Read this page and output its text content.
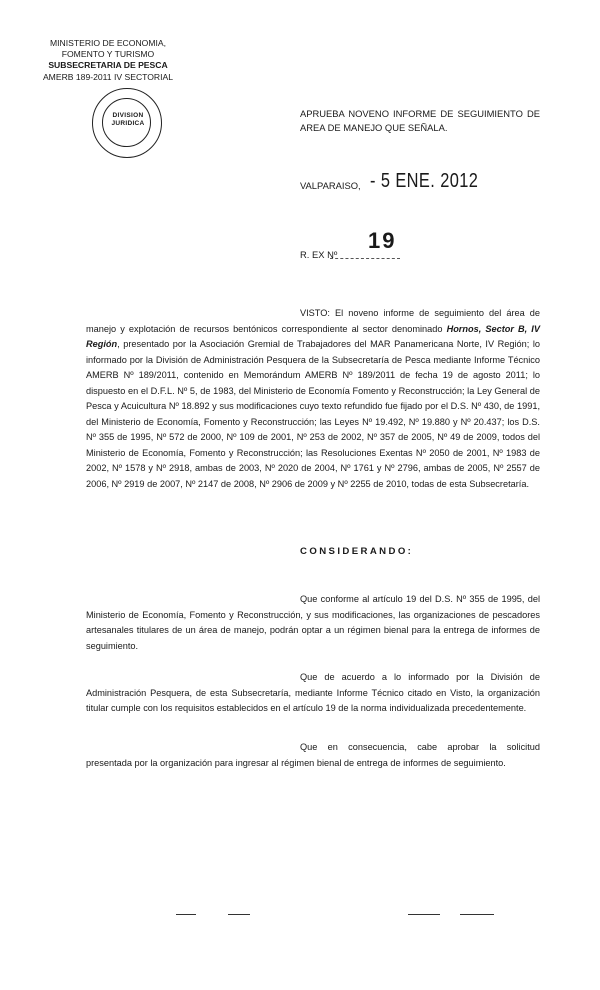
MINISTERIO DE ECONOMIA,
FOMENTO Y TURISMO
SUBSECRETARIA DE PESCA
AMERB 189-2011 IV SECTORIAL
DIVISION
JURIDICA
APRUEBA NOVENO INFORME DE SEGUIMIENTO DE AREA DE MANEJO QUE SEÑALA.
VALPARAISO, - 5 ENE. 2012
R. EX Nº
19
VISTO: El noveno informe de seguimiento del área de manejo y explotación de recursos bentónicos correspondiente al sector denominado Hornos, Sector B, IV Región, presentado por la Asociación Gremial de Trabajadores del MAR Panamericana Norte, IV Región; lo informado por la División de Administración Pesquera de la Subsecretaría de Pesca mediante Informe Técnico AMERB Nº 189/2011, contenido en Memorándum AMERB Nº 189/2011 de fecha 19 de agosto 2011; lo dispuesto en el D.F.L. Nº 5, de 1983, del Ministerio de Economía Fomento y Reconstrucción; la Ley General de Pesca y Acuicultura Nº 18.892 y sus modificaciones cuyo texto refundido fue fijado por el D.S. Nº 430, de 1991, del Ministerio de Economía, Fomento y Reconstrucción; las Leyes Nº 19.492, Nº 19.880 y Nº 20.437; los D.S. Nº 355 de 1995, Nº 572 de 2000, Nº 109 de 2001, Nº 253 de 2002, Nº 357 de 2005, Nº 49 de 2009, todos del Ministerio de Economía, Fomento y Reconstrucción; las Resoluciones Exentas Nº 2050 de 2001, Nº 1983 de 2002, Nº 1578 y Nº 2918, ambas de 2003, Nº 2020 de 2004, Nº 1761 y Nº 2796, ambas de 2005, Nº 2557 de 2006, Nº 2919 de 2007, Nº 2147 de 2008, Nº 2906 de 2009 y Nº 2255 de 2010, todas de esta Subsecretaría.
CONSIDERANDO:
Que conforme al artículo 19 del D.S. Nº 355 de 1995, del Ministerio de Economía, Fomento y Reconstrucción, y sus modificaciones, las organizaciones de pescadores artesanales titulares de un área de manejo, podrán optar a un régimen bienal para la entrega de informes de seguimiento.
Que de acuerdo a lo informado por la División de Administración Pesquera, de esta Subsecretaría, mediante Informe Técnico citado en Visto, la organización titular cumple con los requisitos establecidos en el artículo 19 de la norma individualizada precedentemente.
Que en consecuencia, cabe aprobar la solicitud presentada por la organización para ingresar al régimen bienal de entrega de informes de seguimiento.
